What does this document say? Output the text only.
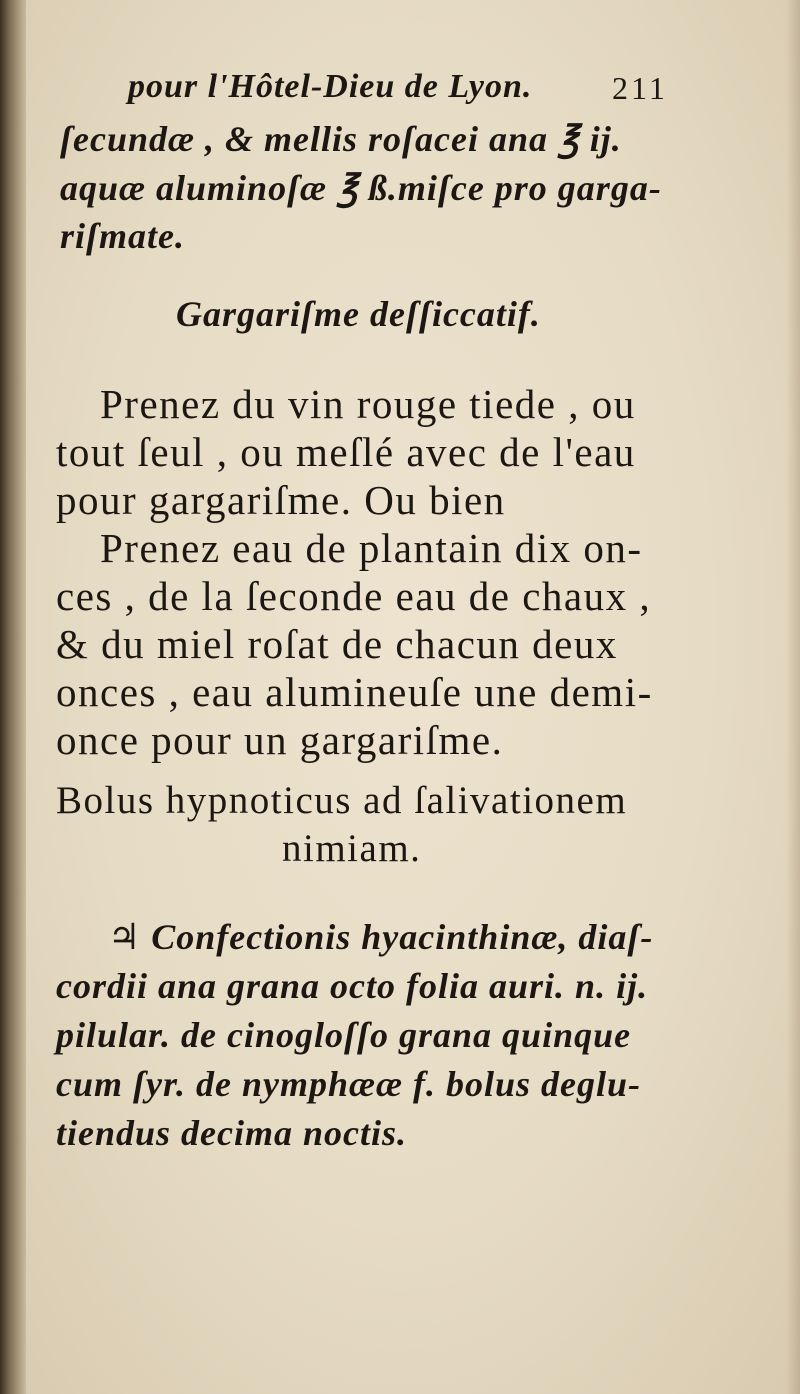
pour l'Hôtel-Dieu de Lyon. 211
ſecundæ , & mellis roſacei ana ℥ ij.
aquæ aluminoſæ ℥ ß.miſce pro garga-
riſmate.
Gargariſme deſſiccatif.
Prenez du vin rouge tiede , ou
tout ſeul , ou meſlé avec de l'eau
pour gargariſme. Ou bien
Prenez eau de plantain dix on-
ces , de la ſeconde eau de chaux ,
& du miel roſat de chacun deux
onces , eau alumineuſe une demi-
once pour un gargariſme.
Bolus hypnoticus ad ſalivationem
nimiam.
♃ Confectionis hyacinthinæ, diaſ-
cordii ana grana octo folia auri. n. ij.
pilular. de cinogloſſo grana quinque
cum ſyr. de nymphææ f. bolus deglu-
tiendus decima noctis.
